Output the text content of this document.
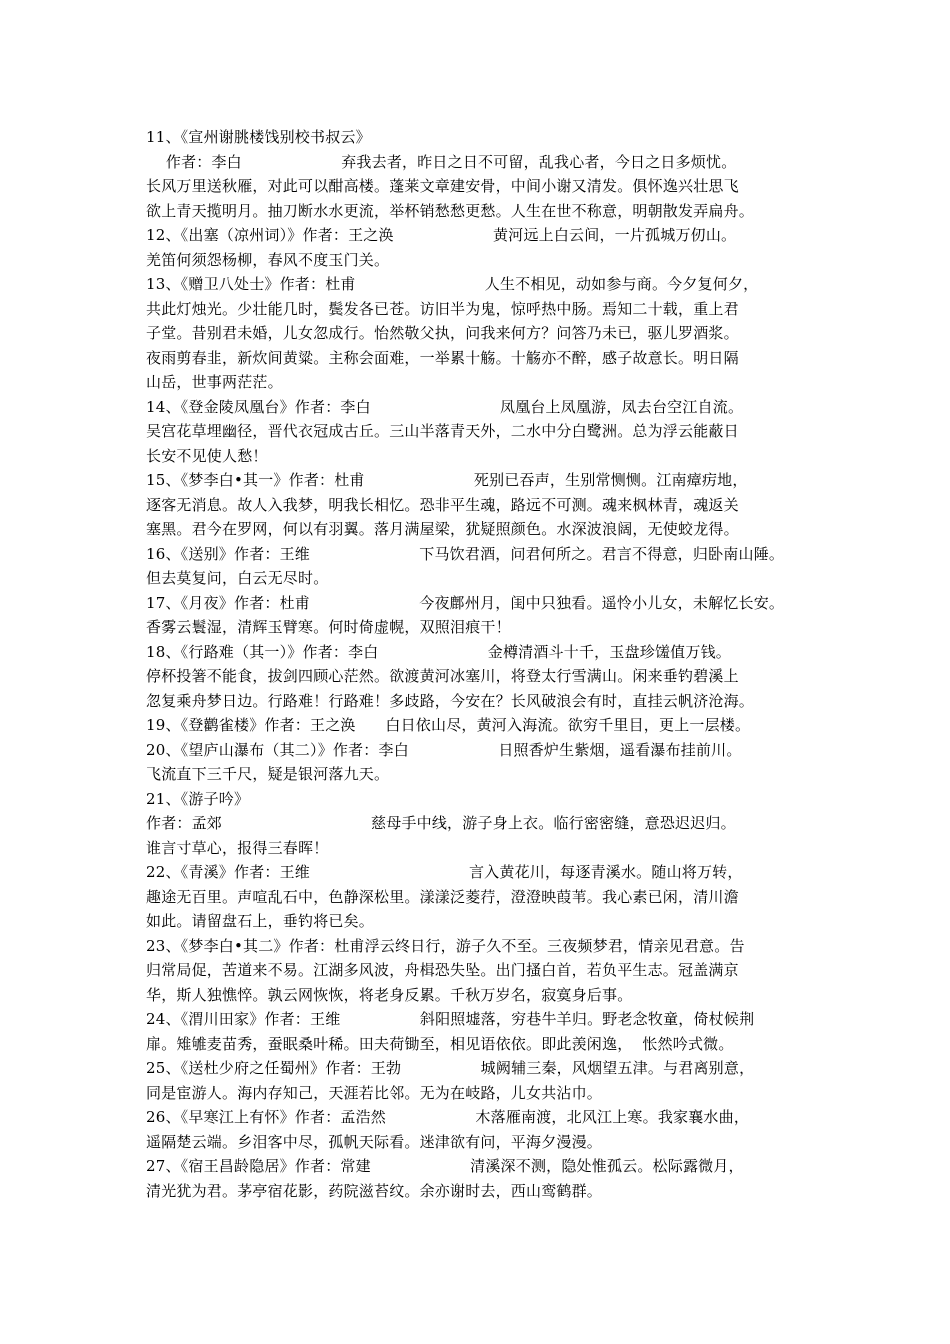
11、《宣州谢朓楼饯别校书叔云》
作者：李白                    弃我去者，昨日之日不可留，乱我心者，今日之日多烦忧。
长风万里送秋雁，对此可以酣高楼。蓬莱文章建安骨，中间小谢又清发。俱怀逸兴壮思飞
欲上青天揽明月。抽刀断水水更流，举杯销愁愁更愁。人生在世不称意，明朝散发弄扁舟。
12、《出塞（凉州词）》作者：王之涣                    黄河远上白云间，一片孤城万仞山。
羌笛何须怨杨柳，春风不度玉门关。
13、《赠卫八处士》作者：杜甫                          人生不相见，动如参与商。今夕复何夕，
共此灯烛光。少壮能几时，鬓发各已苍。访旧半为鬼，惊呼热中肠。焉知二十载，重上君
子堂。昔别君未婚，儿女忽成行。怡然敬父执，问我来何方？问答乃未已，驱儿罗酒浆。
夜雨剪春韭，新炊间黄粱。主称会面难，一举累十觞。十觞亦不醉，感子故意长。明日隔
山岳，世事两茫茫。
14、《登金陵凤凰台》作者：李白                          凤凰台上凤凰游，凤去台空江自流。
吴宫花草埋幽径，晋代衣冠成古丘。三山半落青天外，二水中分白鹭洲。总为浮云能蔽日
长安不见使人愁！
15、《梦李白•其一》作者：杜甫                      死别已吞声，生别常恻恻。江南瘴疠地，
逐客无消息。故人入我梦，明我长相忆。恐非平生魂，路远不可测。魂来枫林青，魂返关
塞黑。君今在罗网，何以有羽翼。落月满屋梁，犹疑照颜色。水深波浪阔，无使蛟龙得。
16、《送别》作者：王维                      下马饮君酒，问君何所之。君言不得意，归卧南山陲。
但去莫复问，白云无尽时。
17、《月夜》作者：杜甫                      今夜鄜州月，闺中只独看。遥怜小儿女，未解忆长安。
香雾云鬟湿，清辉玉臂寒。何时倚虚幌，双照泪痕干！
18、《行路难（其一）》作者：李白                      金樽清酒斗十千，玉盘珍馐值万钱。
停杯投箸不能食，拔剑四顾心茫然。欲渡黄河冰塞川，将登太行雪满山。闲来垂钓碧溪上
忽复乘舟梦日边。行路难！行路难！多歧路，今安在？长风破浪会有时，直挂云帆济沧海。
19、《登鹳雀楼》作者：王之涣      白日依山尽，黄河入海流。欲穷千里目，更上一层楼。
20、《望庐山瀑布（其二）》作者：李白                  日照香炉生紫烟，遥看瀑布挂前川。
飞流直下三千尺，疑是银河落九天。
21、《游子吟》
作者：孟郊                              慈母手中线，游子身上衣。临行密密缝，意恐迟迟归。
谁言寸草心，报得三春晖！
22、《青溪》作者：王维                                言入黄花川，每逐青溪水。随山将万转，
趣途无百里。声喧乱石中，色静深松里。漾漾泛菱荇，澄澄映葭苇。我心素已闲，清川澹
如此。请留盘石上，垂钓将已矣。
23、《梦李白•其二》作者：杜甫浮云终日行，游子久不至。三夜频梦君，情亲见君意。告
归常局促，苦道来不易。江湖多风波，舟楫恐失坠。出门搔白首，若负平生志。冠盖满京
华，斯人独憔悴。孰云网恢恢，将老身反累。千秋万岁名，寂寞身后事。
24、《渭川田家》作者：王维                斜阳照墟落，穷巷牛羊归。野老念牧童，倚杖候荆
扉。雉雊麦苗秀，蚕眠桑叶稀。田夫荷锄至，相见语依依。即此羡闲逸，  怅然吟式微。
25、《送杜少府之任蜀州》作者：王勃                城阙辅三秦，风烟望五津。与君离别意，
同是宦游人。海内存知己，天涯若比邻。无为在岐路，儿女共沾巾。
26、《早寒江上有怀》作者：孟浩然                  木落雁南渡，北风江上寒。我家襄水曲，
遥隔楚云端。乡泪客中尽，孤帆天际看。迷津欲有问，平海夕漫漫。
27、《宿王昌龄隐居》作者：常建                    清溪深不测，隐处惟孤云。松际露微月，
清光犹为君。茅亭宿花影，药院滋苔纹。余亦谢时去，西山鸾鹤群。
